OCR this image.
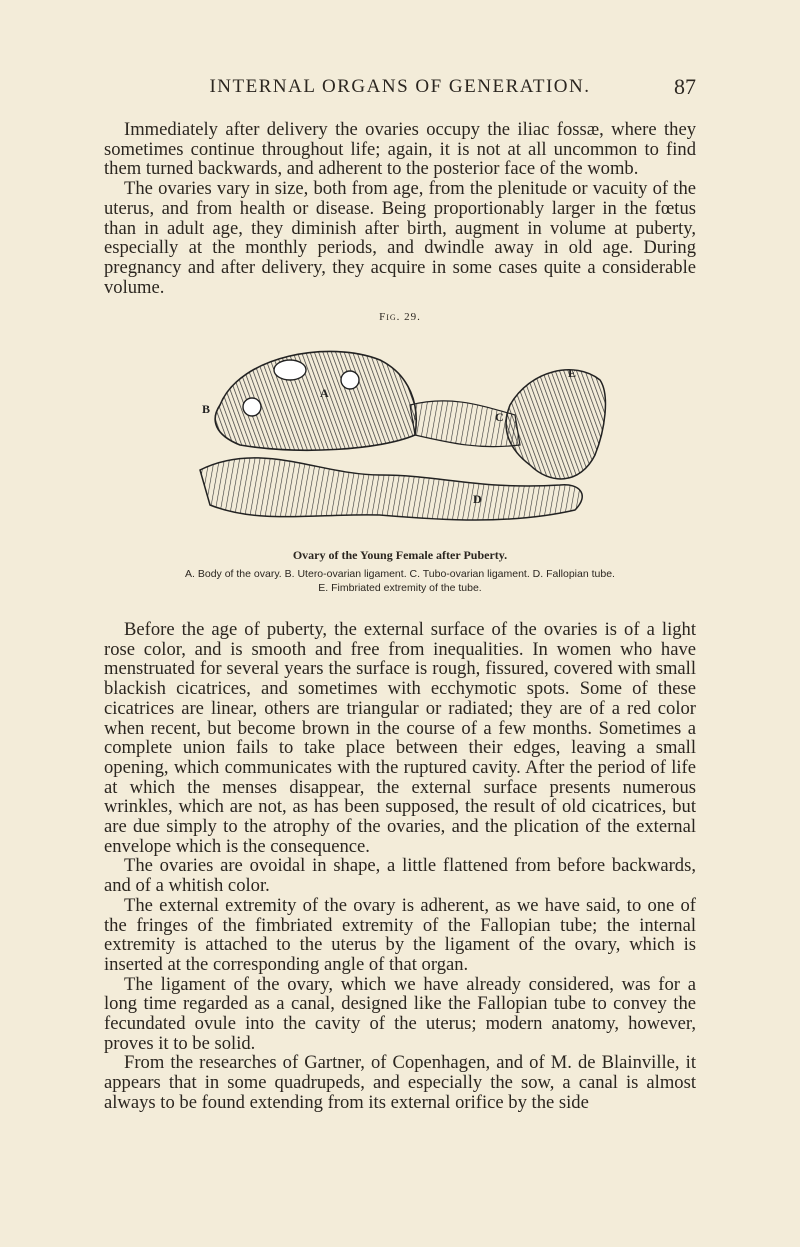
INTERNAL ORGANS OF GENERATION.	87

Immediately after delivery the ovaries occupy the iliac fossæ, where they sometimes continue throughout life; again, it is not at all uncommon to find them turned backwards, and adherent to the posterior face of the womb.

The ovaries vary in size, both from age, from the plenitude or vacuity of the uterus, and from health or disease. Being proportionably larger in the fœtus than in adult age, they diminish after birth, augment in volume at puberty, especially at the monthly periods, and dwindle away in old age. During pregnancy and after delivery, they acquire in some cases quite a considerable volume.

Fig. 29.
A
B
C
D
E
Ovary of the Young Female after Puberty.
A. Body of the ovary. B. Utero-ovarian ligament. C. Tubo-ovarian ligament. D. Fallopian tube.
E. Fimbriated extremity of the tube.

Before the age of puberty, the external surface of the ovaries is of a light rose color, and is smooth and free from inequalities. In women who have menstruated for several years the surface is rough, fissured, covered with small blackish cicatrices, and sometimes with ecchymotic spots. Some of these cicatrices are linear, others are triangular or radiated; they are of a red color when recent, but become brown in the course of a few months. Sometimes a complete union fails to take place between their edges, leaving a small opening, which communicates with the ruptured cavity. After the period of life at which the menses disappear, the external surface presents numerous wrinkles, which are not, as has been supposed, the result of old cicatrices, but are due simply to the atrophy of the ovaries, and the plication of the external envelope which is the consequence.

The ovaries are ovoidal in shape, a little flattened from before backwards, and of a whitish color.

The external extremity of the ovary is adherent, as we have said, to one of the fringes of the fimbriated extremity of the Fallopian tube; the internal extremity is attached to the uterus by the ligament of the ovary, which is inserted at the corresponding angle of that organ.

The ligament of the ovary, which we have already considered, was for a long time regarded as a canal, designed like the Fallopian tube to convey the fecundated ovule into the cavity of the uterus; modern anatomy, however, proves it to be solid.

From the researches of Gartner, of Copenhagen, and of M. de Blainville, it appears that in some quadrupeds, and especially the sow, a canal is almost always to be found extending from its external orifice by the side
